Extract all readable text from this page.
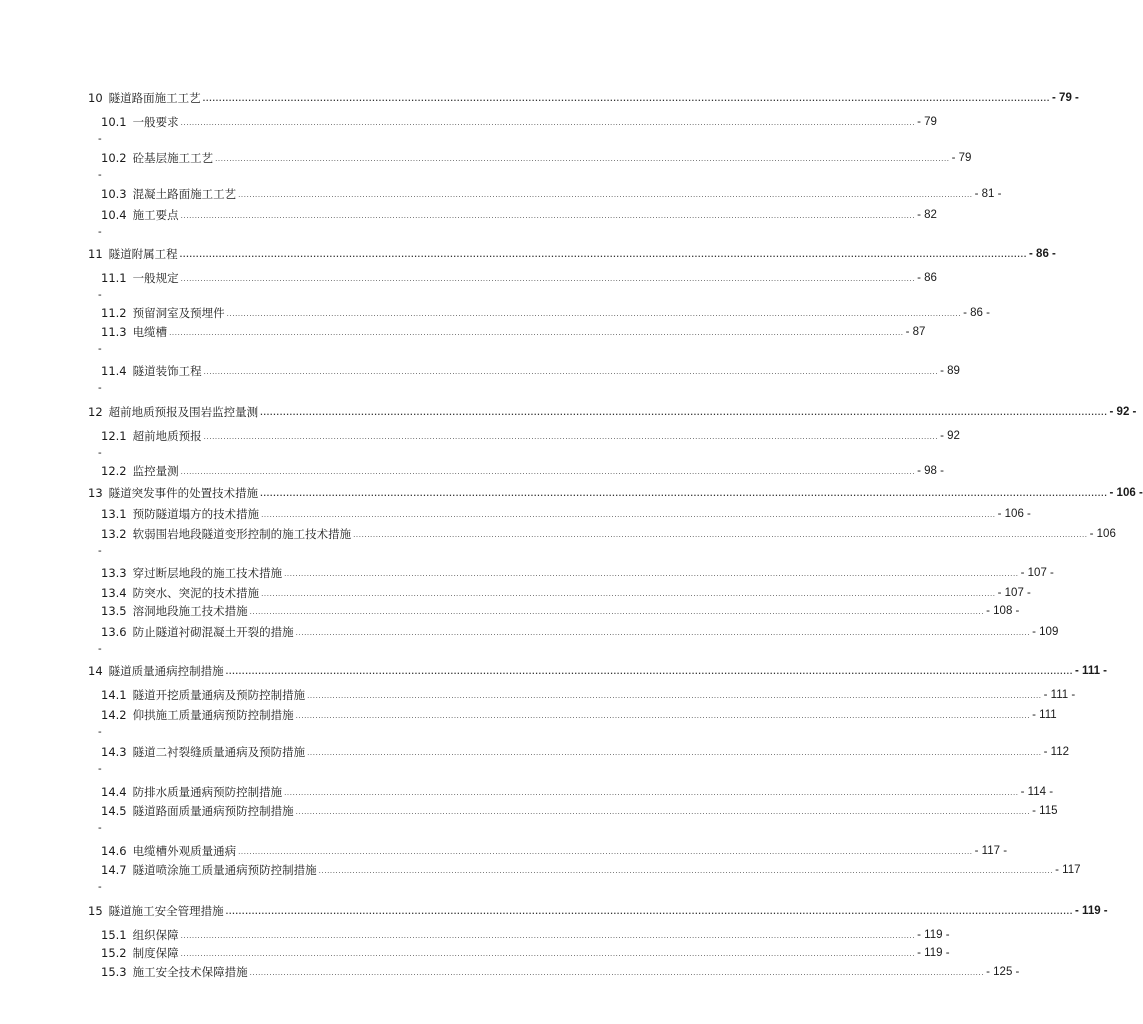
10 隧道路面施工工艺 .................................................................................................................................................................................................................................................................... - 79 -
10.1 一般要求 .................................................................................................................................................................................................................................................................... - 79
-
10.2 砼基层施工工艺 .................................................................................................................................................................................................................................................................... - 79
-
10.3 混凝土路面施工工艺 .................................................................................................................................................................................................................................................................... - 81 -
10.4 施工要点 .................................................................................................................................................................................................................................................................... - 82
-
11 隧道附属工程 .................................................................................................................................................................................................................................................................... - 86 -
11.1 一般规定 .................................................................................................................................................................................................................................................................... - 86
-
11.2 预留洞室及预埋件 .................................................................................................................................................................................................................................................................... - 86 -
11.3 电缆槽 .................................................................................................................................................................................................................................................................... - 87
-
11.4 隧道装饰工程 .................................................................................................................................................................................................................................................................... - 89
-
12 超前地质预报及围岩监控量测 .................................................................................................................................................................................................................................................................... - 92 -
12.1 超前地质预报 .................................................................................................................................................................................................................................................................... - 92
-
12.2 监控量测 .................................................................................................................................................................................................................................................................... - 98 -
13 隧道突发事件的处置技术措施 .................................................................................................................................................................................................................................................................... - 106 -
13.1 预防隧道塌方的技术措施 .................................................................................................................................................................................................................................................................... - 106 -
13.2 软弱围岩地段隧道变形控制的施工技术措施 .................................................................................................................................................................................................................................................................... - 106
-
13.3 穿过断层地段的施工技术措施 .................................................................................................................................................................................................................................................................... - 107 -
13.4 防突水、突泥的技术措施 .................................................................................................................................................................................................................................................................... - 107 -
13.5 溶洞地段施工技术措施 .................................................................................................................................................................................................................................................................... - 108 -
13.6 防止隧道衬砌混凝土开裂的措施 .................................................................................................................................................................................................................................................................... - 109
-
14 隧道质量通病控制措施 .................................................................................................................................................................................................................................................................... - 111 -
14.1 隧道开挖质量通病及预防控制措施 .................................................................................................................................................................................................................................................................... - 111 -
14.2 仰拱施工质量通病预防控制措施 .................................................................................................................................................................................................................................................................... - 111
-
14.3 隧道二衬裂缝质量通病及预防措施 .................................................................................................................................................................................................................................................................... - 112
-
14.4 防排水质量通病预防控制措施 .................................................................................................................................................................................................................................................................... - 114 -
14.5 隧道路面质量通病预防控制措施 .................................................................................................................................................................................................................................................................... - 115
-
14.6 电缆槽外观质量通病 .................................................................................................................................................................................................................................................................... - 117 -
14.7 隧道喷涂施工质量通病预防控制措施 .................................................................................................................................................................................................................................................................... - 117
-
15 隧道施工安全管理措施 .................................................................................................................................................................................................................................................................... - 119 -
15.1 组织保障 .................................................................................................................................................................................................................................................................... - 119 -
15.2 制度保障 .................................................................................................................................................................................................................................................................... - 119 -
15.3 施工安全技术保障措施 .................................................................................................................................................................................................................................................................... - 125 -
